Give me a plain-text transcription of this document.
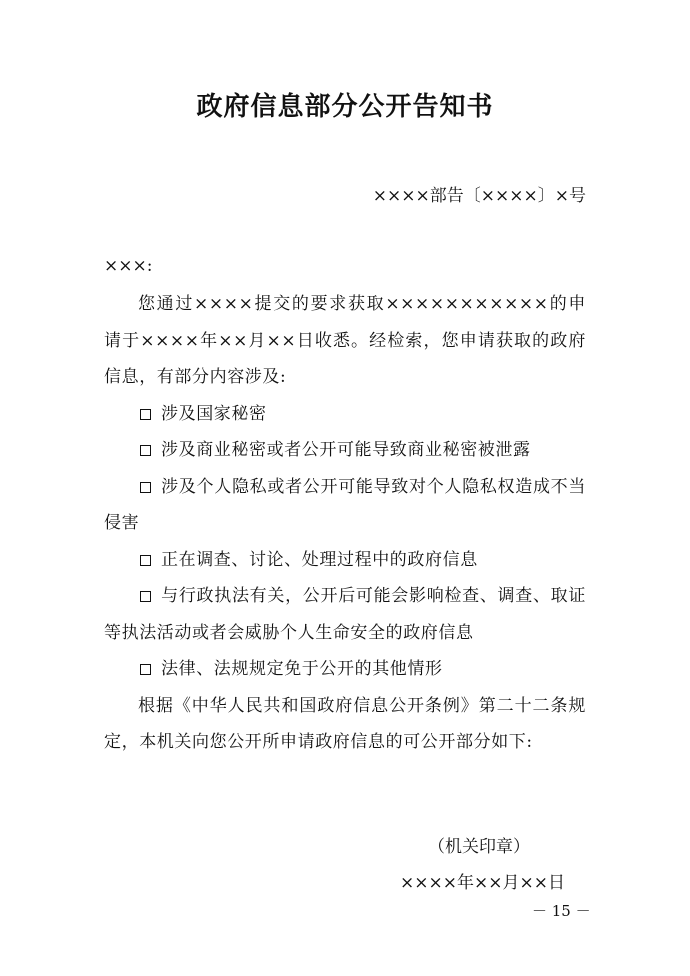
政府信息部分公开告知书
××××部告〔××××〕×号
×××:

您通过××××提交的要求获取×××××××××××的申请于××××年××月××日收悉。经检索，您申请获取的政府信息，有部分内容涉及:

涉及国家秘密

涉及商业秘密或者公开可能导致商业秘密被泄露

涉及个人隐私或者公开可能导致对个人隐私权造成不当侵害

正在调查、讨论、处理过程中的政府信息

与行政执法有关，公开后可能会影响检查、调查、取证等执法活动或者会威胁个人生命安全的政府信息

法律、法规规定免于公开的其他情形

根据《中华人民共和国政府信息公开条例》第二十二条规定，本机关向您公开所申请政府信息的可公开部分如下:

（机关印章）
××××年××月××日
－ 15 －
